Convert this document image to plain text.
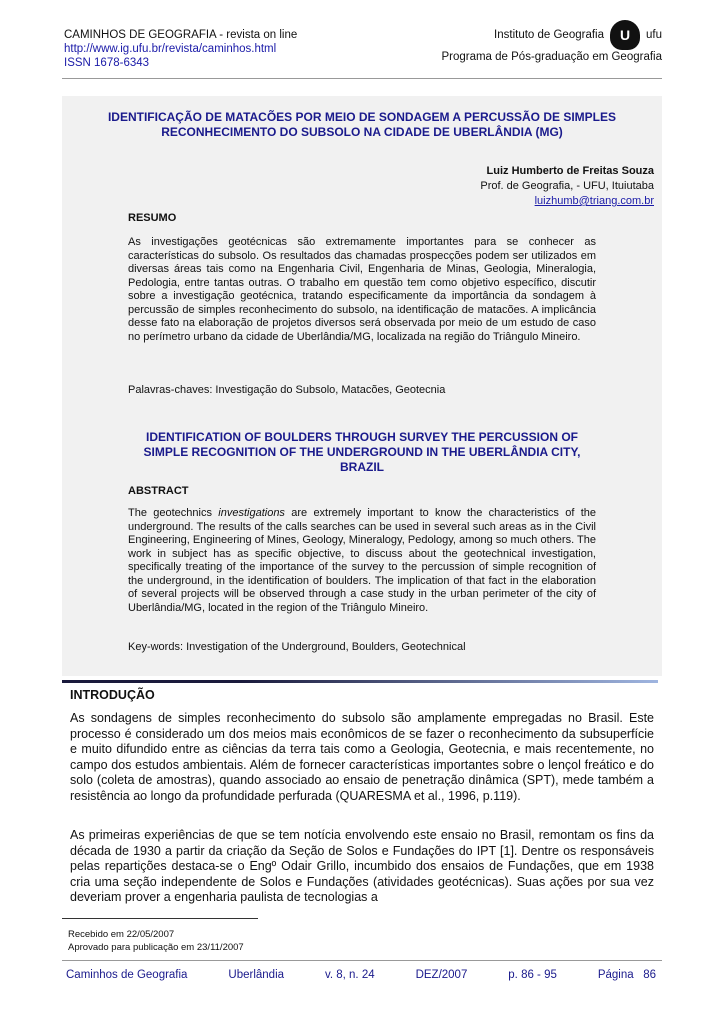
CAMINHOS DE GEOGRAFIA - revista on line
http://www.ig.ufu.br/revista/caminhos.html
ISSN 1678-6343
Instituto de Geografia	U	ufu
Programa de Pós-graduação em Geografia
IDENTIFICAÇÃO DE MATACÕES POR MEIO DE SONDAGEM A PERCUSSÃO DE SIMPLES RECONHECIMENTO DO SUBSOLO NA CIDADE DE UBERLÂNDIA (MG)
Luiz Humberto de Freitas Souza
Prof. de Geografia, - UFU, Ituiutaba
luizhumb@triang.com.br
RESUMO
As investigações geotécnicas são extremamente importantes para se conhecer as características do subsolo. Os resultados das chamadas prospecções podem ser utilizados em diversas áreas tais como na Engenharia Civil, Engenharia de Minas, Geologia, Mineralogia, Pedologia, entre tantas outras. O trabalho em questão tem como objetivo específico, discutir sobre a investigação geotécnica, tratando especificamente da importância da sondagem à percussão de simples reconhecimento do subsolo, na identificação de matacões. A implicância desse fato na elaboração de projetos diversos será observada por meio de um estudo de caso no perímetro urbano da cidade de Uberlândia/MG, localizada na região do Triângulo Mineiro.
Palavras-chaves: Investigação do Subsolo, Matacões, Geotecnia
IDENTIFICATION OF BOULDERS THROUGH SURVEY THE PERCUSSION OF SIMPLE RECOGNITION OF THE UNDERGROUND IN THE UBERLÂNDIA CITY, BRAZIL
ABSTRACT
The geotechnics investigations are extremely important to know the characteristics of the underground. The results of the calls searches can be used in several such areas as in the Civil Engineering, Engineering of Mines, Geology, Mineralogy, Pedology, among so much others. The work in subject has as specific objective, to discuss about the geotechnical investigation, specifically treating of the importance of the survey to the percussion of simple recognition of the underground, in the identification of boulders. The implication of that fact in the elaboration of several projects will be observed through a case study in the urban perimeter of the city of Uberlândia/MG, located in the region of the Triângulo Mineiro.
Key-words: Investigation of the Underground, Boulders, Geotechnical
INTRODUÇÃO
As sondagens de simples reconhecimento do subsolo são amplamente empregadas no Brasil. Este processo é considerado um dos meios mais econômicos de se fazer o reconhecimento da subsuperfície e muito difundido entre as ciências da terra tais como a Geologia, Geotecnia, e mais recentemente, no campo dos estudos ambientais. Além de fornecer características importantes sobre o lençol freático e do solo (coleta de amostras), quando associado ao ensaio de penetração dinâmica (SPT), mede também a resistência ao longo da profundidade perfurada (QUARESMA et al., 1996, p.119).
As primeiras experiências de que se tem notícia envolvendo este ensaio no Brasil, remontam os fins da década de 1930 a partir da criação da Seção de Solos e Fundações do IPT [1]. Dentre os responsáveis pelas repartições destaca-se o Engº Odair Grillo, incumbido dos ensaios de Fundações, que em 1938 cria uma seção independente de Solos e Fundações (atividades geotécnicas). Suas ações por sua vez deveriam prover a engenharia paulista de tecnologias a
Recebido em 22/05/2007
Aprovado para publicação em 23/11/2007
Caminhos de Geografia	Uberlândia	v. 8, n. 24	DEZ/2007	p. 86 - 95	Página   86
